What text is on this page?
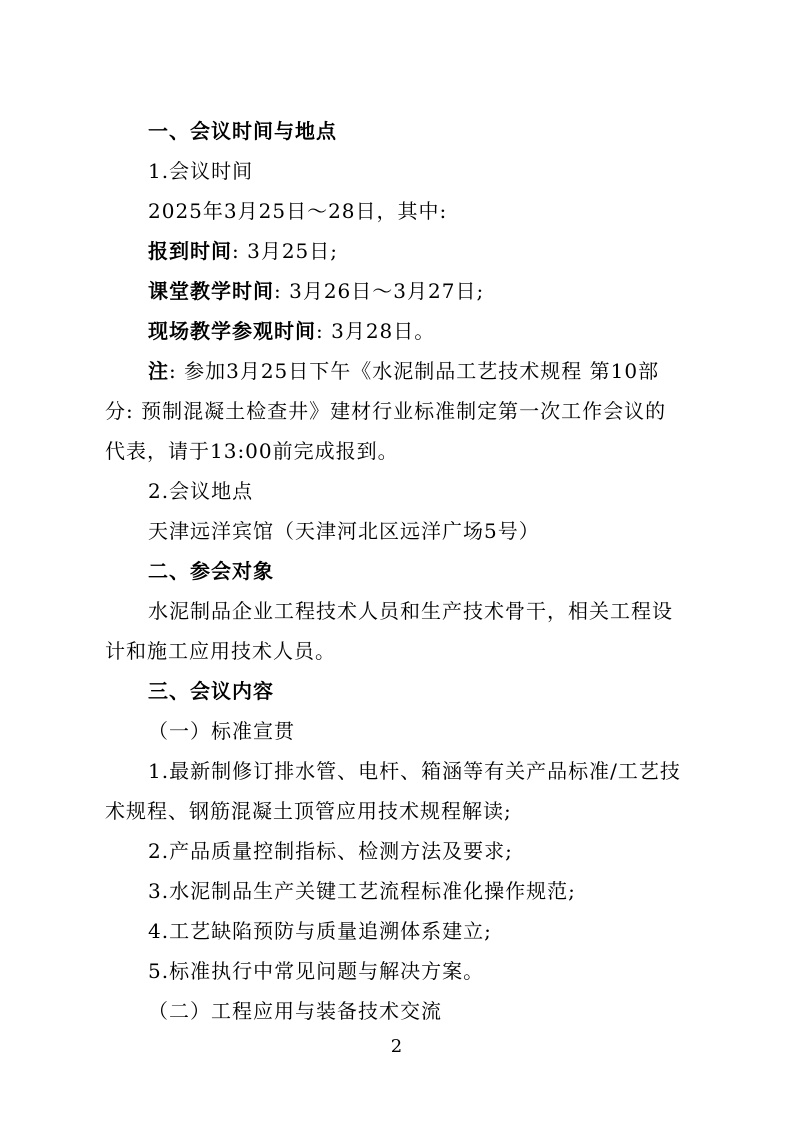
一、会议时间与地点
1.会议时间
2025年3月25日～28日，其中:
报到时间: 3月25日;
课堂教学时间: 3月26日～3月27日;
现场教学参观时间: 3月28日。
注: 参加3月25日下午《水泥制品工艺技术规程 第10部
分: 预制混凝土检查井》建材行业标准制定第一次工作会议的
代表，请于13:00前完成报到。
2.会议地点
天津远洋宾馆（天津河北区远洋广场5号）
二、参会对象
水泥制品企业工程技术人员和生产技术骨干，相关工程设
计和施工应用技术人员。
三、会议内容
（一）标准宣贯
1.最新制修订排水管、电杆、箱涵等有关产品标准/工艺技
术规程、钢筋混凝土顶管应用技术规程解读;
2.产品质量控制指标、检测方法及要求;
3.水泥制品生产关键工艺流程标准化操作规范;
4.工艺缺陷预防与质量追溯体系建立;
5.标准执行中常见问题与解决方案。
（二）工程应用与装备技术交流
2
